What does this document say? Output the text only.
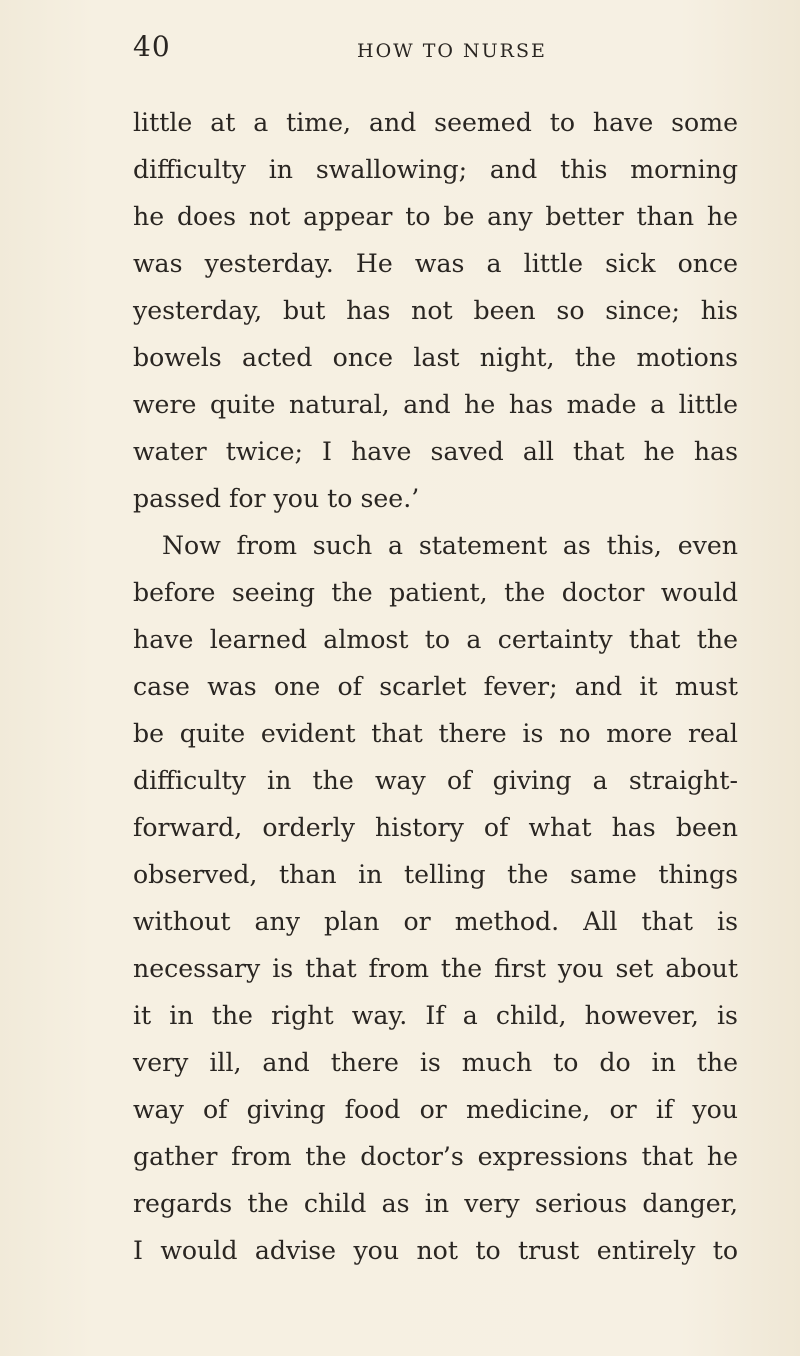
40	HOW TO NURSE
little at a time, and seemed to have some
difficulty in swallowing; and this morning
he does not appear to be any better than he
was yesterday. He was a little sick once
yesterday, but has not been so since; his
bowels acted once last night, the motions
were quite natural, and he has made a little
water twice; I have saved all that he has
passed for you to see.’
Now from such a statement as this, even
before seeing the patient, the doctor would
have learned almost to a certainty that the
case was one of scarlet fever; and it must
be quite evident that there is no more real
difficulty in the way of giving a straight-
forward, orderly history of what has been
observed, than in telling the same things
without any plan or method. All that is
necessary is that from the first you set about
it in the right way. If a child, however, is
very ill, and there is much to do in the
way of giving food or medicine, or if you
gather from the doctor’s expressions that he
regards the child as in very serious danger,
I would advise you not to trust entirely to
